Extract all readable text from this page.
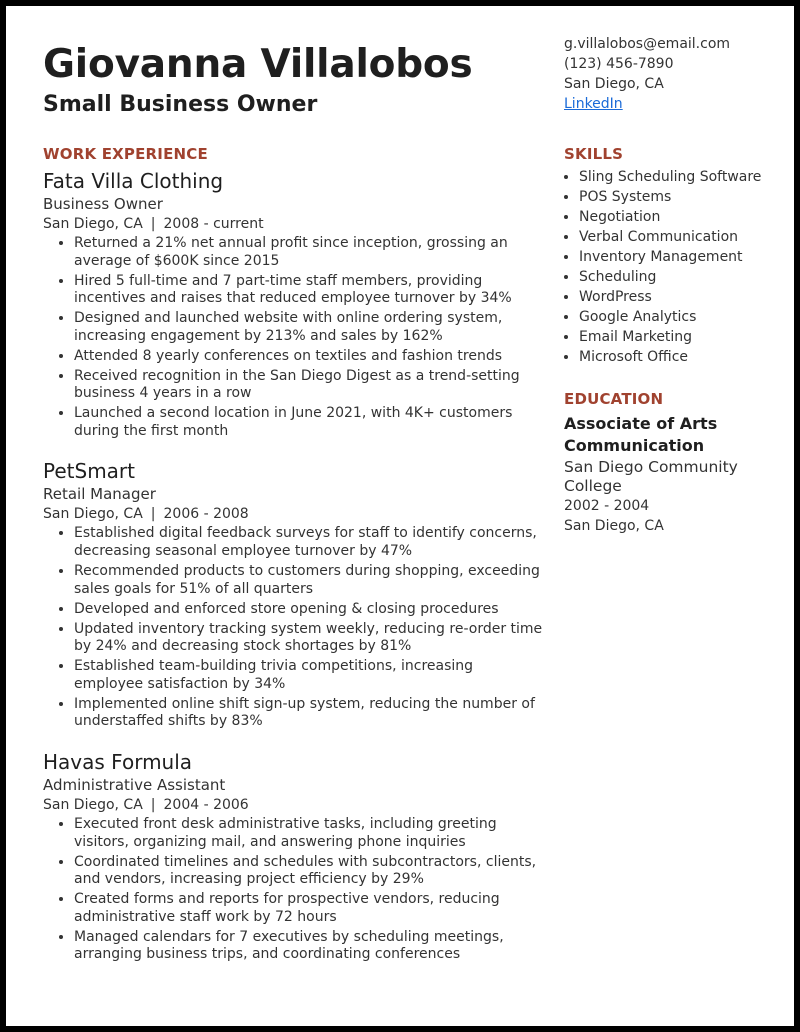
Giovanna Villalobos
Small Business Owner
g.villalobos@email.com
(123) 456-7890
San Diego, CA
LinkedIn
WORK EXPERIENCE
Fata Villa Clothing
Business Owner
San Diego, CA | 2008 - current
• Returned a 21% net annual profit since inception, grossing an average of $600K since 2015
• Hired 5 full-time and 7 part-time staff members, providing incentives and raises that reduced employee turnover by 34%
• Designed and launched website with online ordering system, increasing engagement by 213% and sales by 162%
• Attended 8 yearly conferences on textiles and fashion trends
• Received recognition in the San Diego Digest as a trend-setting business 4 years in a row
• Launched a second location in June 2021, with 4K+ customers during the first month
PetSmart
Retail Manager
San Diego, CA | 2006 - 2008
• Established digital feedback surveys for staff to identify concerns, decreasing seasonal employee turnover by 47%
• Recommended products to customers during shopping, exceeding sales goals for 51% of all quarters
• Developed and enforced store opening & closing procedures
• Updated inventory tracking system weekly, reducing re-order time by 24% and decreasing stock shortages by 81%
• Established team-building trivia competitions, increasing employee satisfaction by 34%
• Implemented online shift sign-up system, reducing the number of understaffed shifts by 83%
Havas Formula
Administrative Assistant
San Diego, CA | 2004 - 2006
• Executed front desk administrative tasks, including greeting visitors, organizing mail, and answering phone inquiries
• Coordinated timelines and schedules with subcontractors, clients, and vendors, increasing project efficiency by 29%
• Created forms and reports for prospective vendors, reducing administrative staff work by 72 hours
• Managed calendars for 7 executives by scheduling meetings, arranging business trips, and coordinating conferences
SKILLS
• Sling Scheduling Software
• POS Systems
• Negotiation
• Verbal Communication
• Inventory Management
• Scheduling
• WordPress
• Google Analytics
• Email Marketing
• Microsoft Office
EDUCATION
Associate of Arts Communication
San Diego Community College
2002 - 2004
San Diego, CA
